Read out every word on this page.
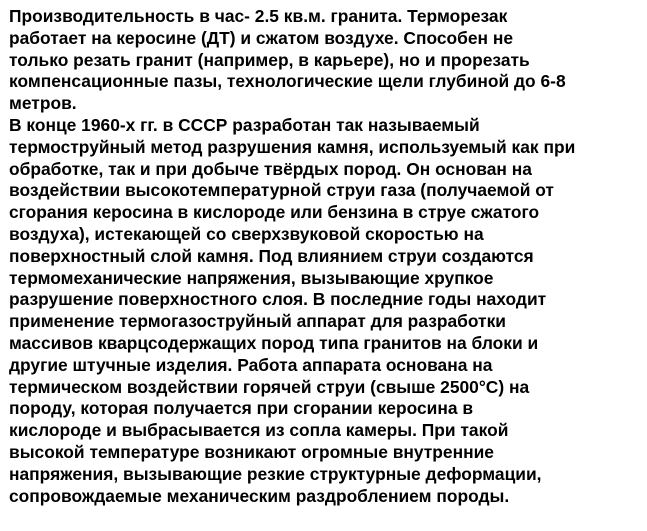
Производительность в час- 2.5 кв.м. гранита. Терморезак
работает на керосине (ДТ) и сжатом воздухе. Способен не
только резать гранит (например, в карьере), но и прорезать
компенсационные пазы, технологические щели глубиной до 6-8
метров.
В конце 1960-х гг. в СССР разработан так называемый
термоструйный метод разрушения камня, используемый как при
обработке, так и при добыче твёрдых пород. Он основан на
воздействии высокотемпературной струи газа (получаемой от
сгорания керосина в кислороде или бензина в струе сжатого
воздуха), истекающей со сверхзвуковой скоростью на
поверхностный слой камня. Под влиянием струи создаются
термомеханические напряжения, вызывающие хрупкое
разрушение поверхностного слоя. В последние годы находит
применение термогазоструйный аппарат для разработки
массивов кварцсодержащих пород типа гранитов на блоки и
другие штучные изделия. Работа аппарата основана на
термическом воздействии горячей струи (свыше 2500°C) на
породу, которая получается при сгорании керосина в
кислороде и выбрасывается из сопла камеры. При такой
высокой температуре возникают огромные внутренние
напряжения, вызывающие резкие структурные деформации,
сопровождаемые механическим раздроблением породы.
